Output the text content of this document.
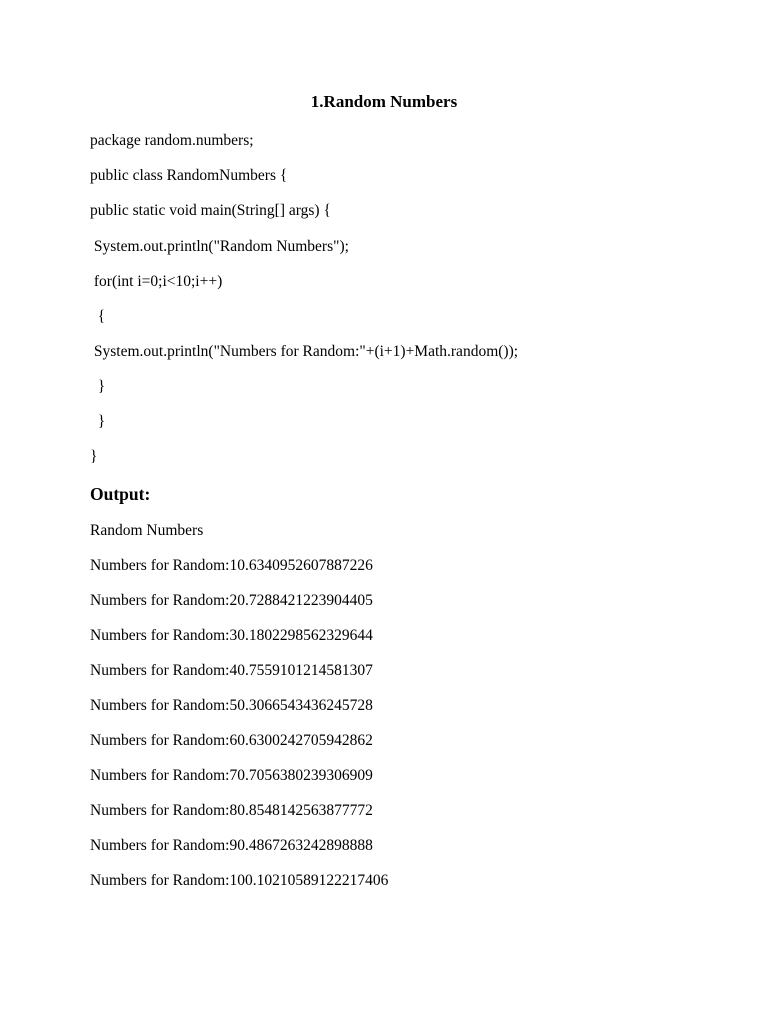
1.Random Numbers
package random.numbers;
public class RandomNumbers {
public static void main(String[] args) {
System.out.println("Random Numbers");
for(int i=0;i<10;i++)
{
System.out.println("Numbers for Random:"+(i+1)+Math.random());
}
}
}
Output:
Random Numbers
Numbers for Random:10.6340952607887226
Numbers for Random:20.7288421223904405
Numbers for Random:30.1802298562329644
Numbers for Random:40.7559101214581307
Numbers for Random:50.3066543436245728
Numbers for Random:60.6300242705942862
Numbers for Random:70.7056380239306909
Numbers for Random:80.8548142563877772
Numbers for Random:90.4867263242898888
Numbers for Random:100.10210589122217406
